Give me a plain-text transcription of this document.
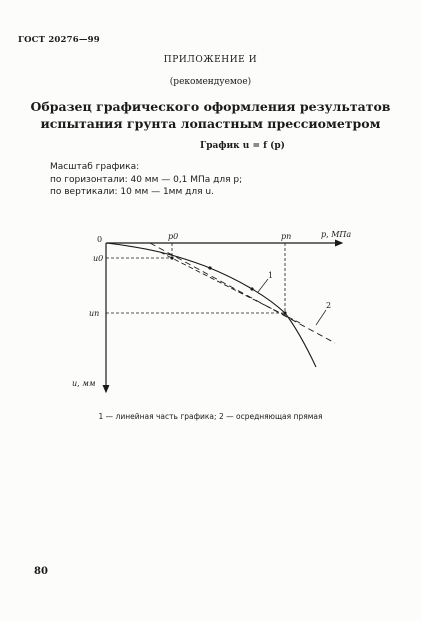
ГОСТ 20276—99
ПРИЛОЖЕНИЕ И
(рекомендуемое)
Образец графического оформления результатов
испытания грунта лопастным прессиометром
График u = f (p)
Масштаб графика:
по горизонтали: 40 мм — 0,1 МПа для p;
по вертикали: 10 мм — 1мм для u.
0	p0	pn	p, МПа
u0
un
u, мм
1
2
1 — линейная часть графика; 2 — осредняющая прямая
80
